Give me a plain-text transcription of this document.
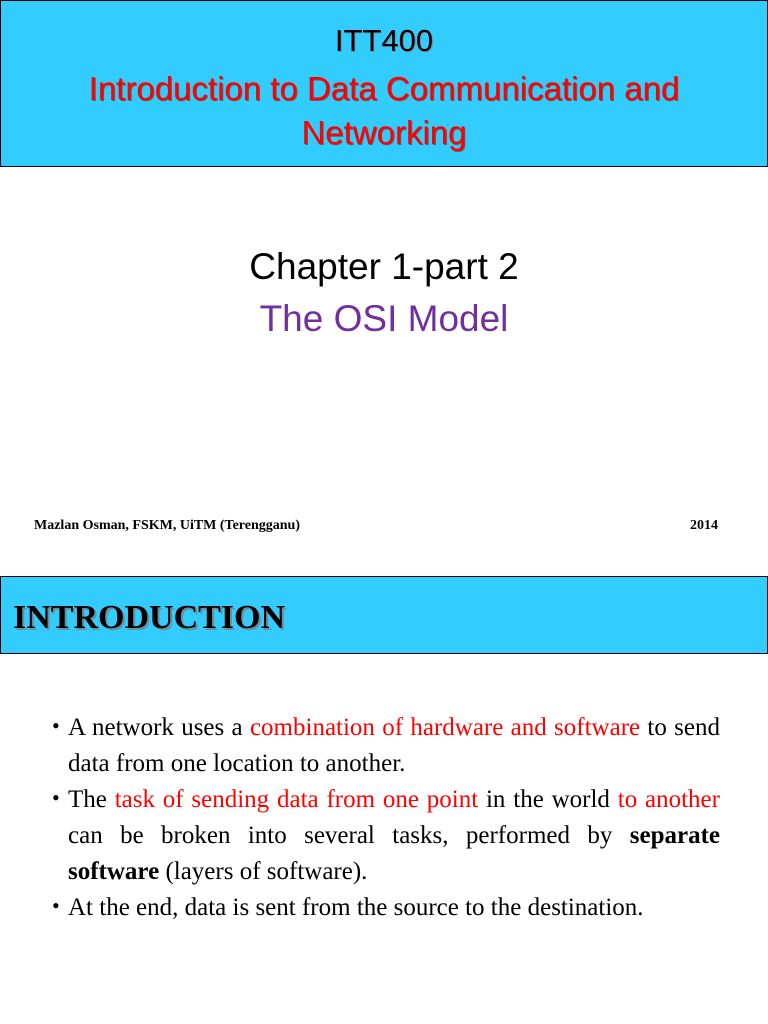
ITT400
Introduction to Data Communication and Networking
Chapter 1-part 2
The OSI Model
Mazlan Osman, FSKM, UiTM (Terengganu)	2014
INTRODUCTION
• A network uses a combination of hardware and software to send data from one location to another.
• The task of sending data from one point in the world to another can be broken into several tasks, performed by separate software (layers of software).
• At the end, data is sent from the source to the destination.
